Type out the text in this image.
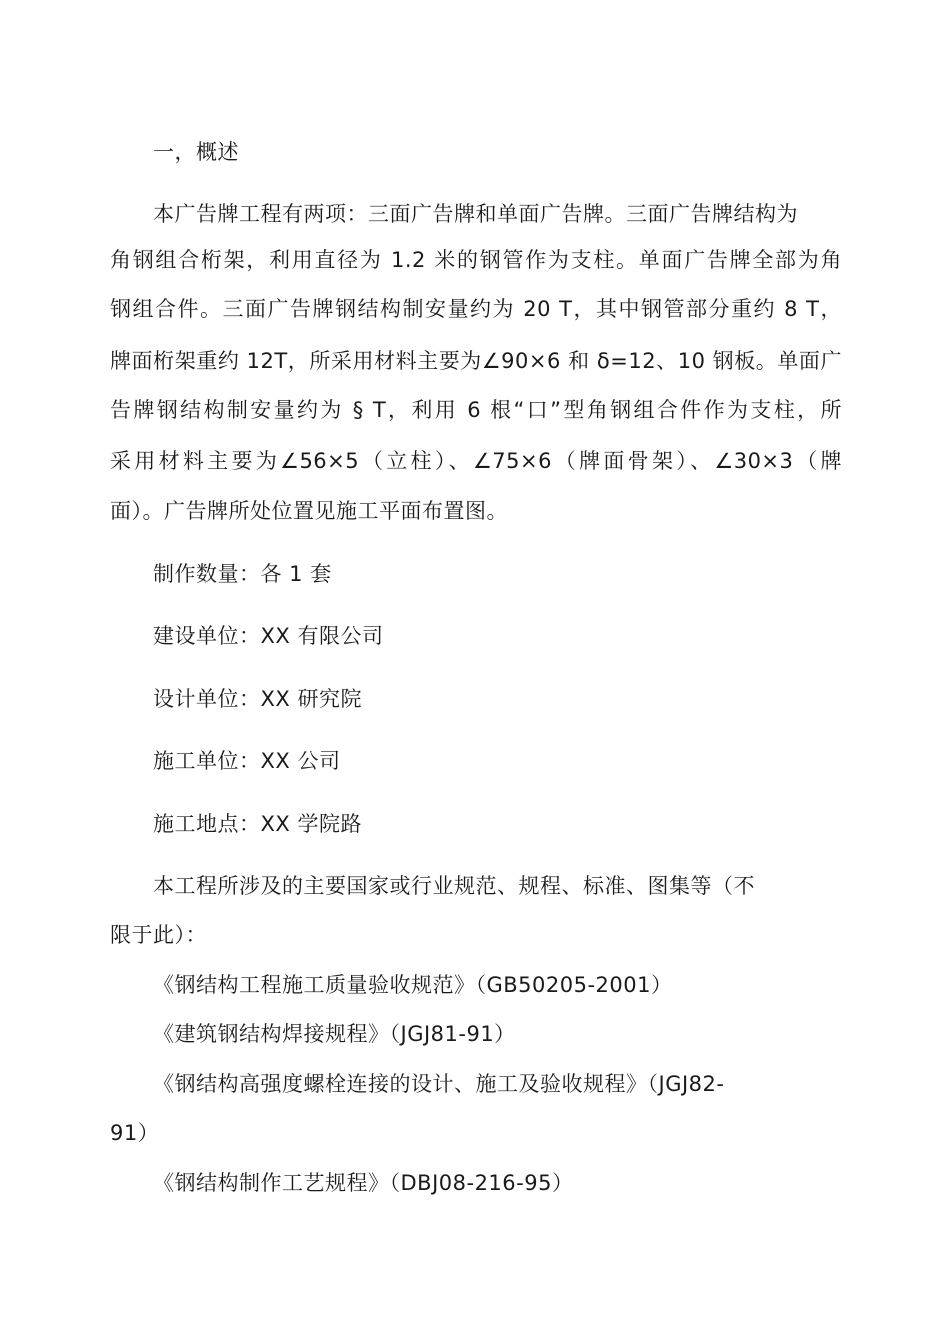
一，概述
本广告牌工程有两项：三面广告牌和单面广告牌。三面广告牌结构为
角钢组合桁架，利用直径为 1.2 米的钢管作为支柱。单面广告牌全部为角
钢组合件。三面广告牌钢结构制安量约为 20 T，其中钢管部分重约 8 T，
牌面桁架重约 12T，所采用材料主要为∠90×6 和 δ=12、10 钢板。单面广
告牌钢结构制安量约为 § T，利用 6 根“口”型角钢组合件作为支柱，所
采用材料主要为∠56×5（立柱）、∠75×6（牌面骨架）、∠30×3（牌
面）。广告牌所处位置见施工平面布置图。
制作数量：各 1 套
建设单位：XX 有限公司
设计单位：XX 研究院
施工单位：XX 公司
施工地点：XX 学院路
本工程所涉及的主要国家或行业规范、规程、标准、图集等（不
限于此）：
《钢结构工程施工质量验收规范》（GB50205-2001）
《建筑钢结构焊接规程》（JGJ81-91）
《钢结构高强度螺栓连接的设计、施工及验收规程》（JGJ82-
91）
《钢结构制作工艺规程》（DBJ08-216-95）
